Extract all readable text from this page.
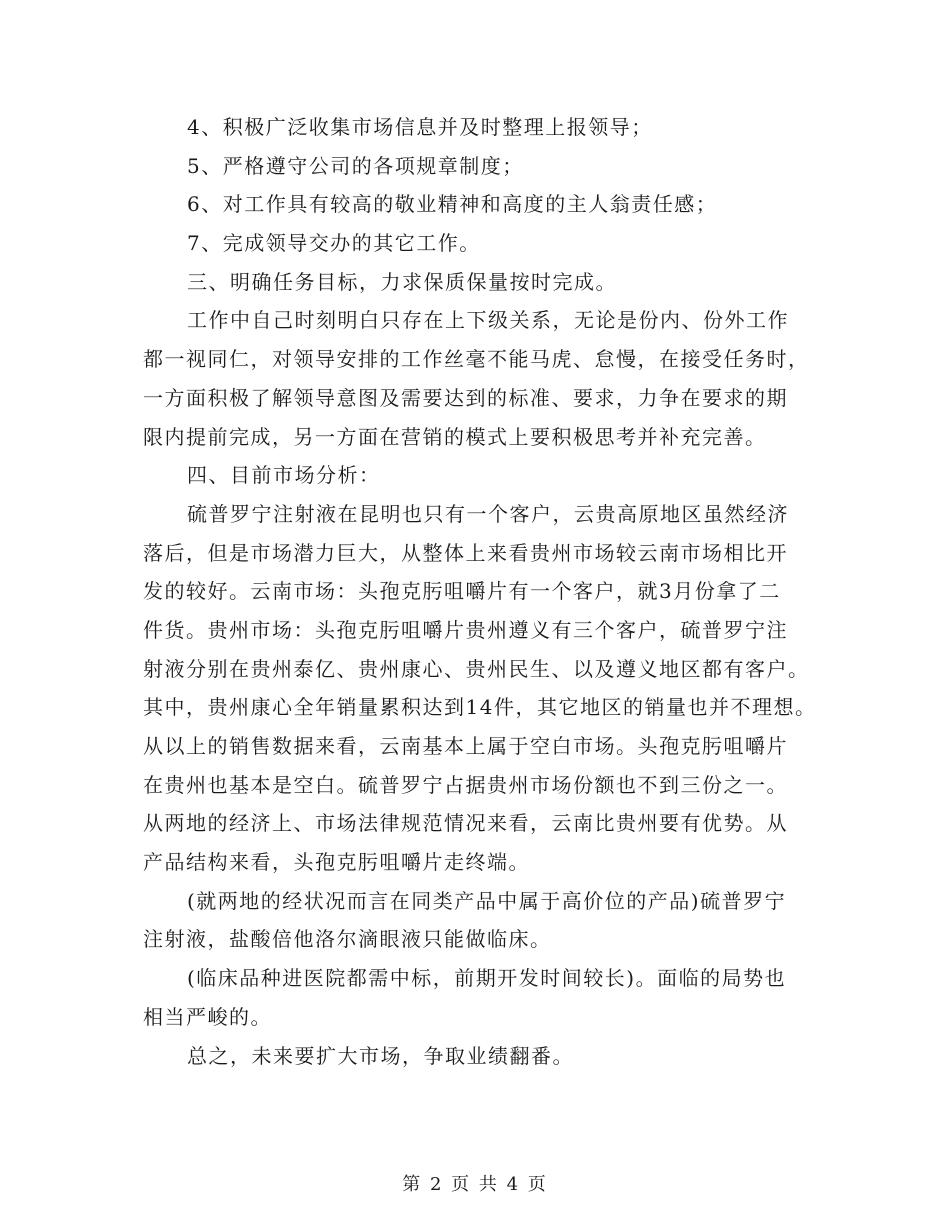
4、积极广泛收集市场信息并及时整理上报领导；
5、严格遵守公司的各项规章制度；
6、对工作具有较高的敬业精神和高度的主人翁责任感；
7、完成领导交办的其它工作。
三、明确任务目标，力求保质保量按时完成。
工作中自己时刻明白只存在上下级关系，无论是份内、份外工作
都一视同仁，对领导安排的工作丝毫不能马虎、怠慢，在接受任务时，
一方面积极了解领导意图及需要达到的标准、要求，力争在要求的期
限内提前完成，另一方面在营销的模式上要积极思考并补充完善。
四、目前市场分析：
硫普罗宁注射液在昆明也只有一个客户，云贵高原地区虽然经济
落后，但是市场潜力巨大，从整体上来看贵州市场较云南市场相比开
发的较好。云南市场：头孢克肟咀嚼片有一个客户，就3月份拿了二
件货。贵州市场：头孢克肟咀嚼片贵州遵义有三个客户，硫普罗宁注
射液分别在贵州泰亿、贵州康心、贵州民生、以及遵义地区都有客户。
其中，贵州康心全年销量累积达到14件，其它地区的销量也并不理想。
从以上的销售数据来看，云南基本上属于空白市场。头孢克肟咀嚼片
在贵州也基本是空白。硫普罗宁占据贵州市场份额也不到三份之一。
从两地的经济上、市场法律规范情况来看，云南比贵州要有优势。从
产品结构来看，头孢克肟咀嚼片走终端。
(就两地的经状况而言在同类产品中属于高价位的产品)硫普罗宁
注射液，盐酸倍他洛尔滴眼液只能做临床。
(临床品种进医院都需中标，前期开发时间较长)。面临的局势也
相当严峻的。
总之，未来要扩大市场，争取业绩翻番。
第 2 页 共 4 页
